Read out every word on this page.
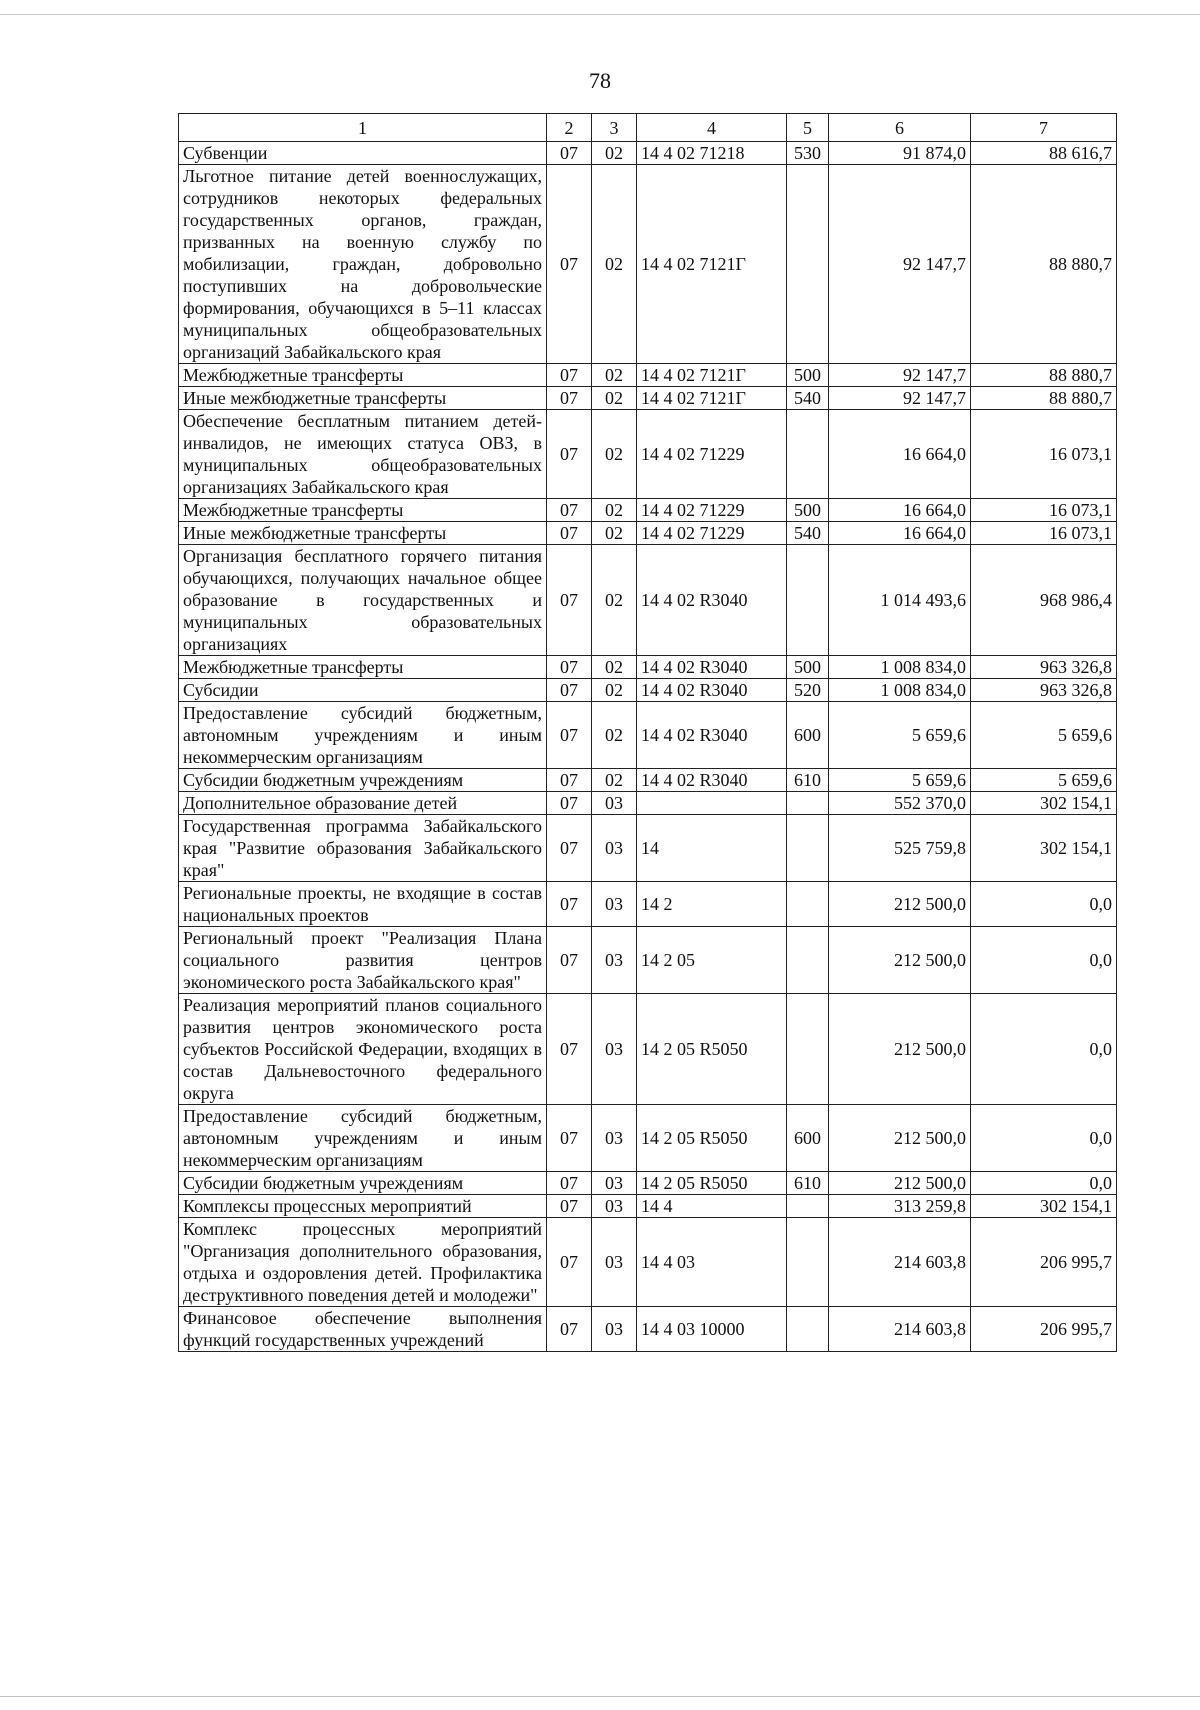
78
1	2	3	4	5	6	7
Субвенции	07	02	14 4 02 71218	530	91 874,0	88 616,7
Льготное питание детей военнослужащих, сотрудников некоторых федеральных государственных органов, граждан, призванных на военную службу по мобилизации, граждан, добровольно поступивших на добровольческие формирования, обучающихся в 5–11 классах муниципальных общеобразовательных организаций Забайкальского края	07	02	14 4 02 7121Г		92 147,7	88 880,7
Межбюджетные трансферты	07	02	14 4 02 7121Г	500	92 147,7	88 880,7
Иные межбюджетные трансферты	07	02	14 4 02 7121Г	540	92 147,7	88 880,7
Обеспечение бесплатным питанием детей-инвалидов, не имеющих статуса ОВЗ, в муниципальных общеобразовательных организациях Забайкальского края	07	02	14 4 02 71229		16 664,0	16 073,1
Межбюджетные трансферты	07	02	14 4 02 71229	500	16 664,0	16 073,1
Иные межбюджетные трансферты	07	02	14 4 02 71229	540	16 664,0	16 073,1
Организация бесплатного горячего питания обучающихся, получающих начальное общее образование в государственных и муниципальных образовательных организациях	07	02	14 4 02 R3040		1 014 493,6	968 986,4
Межбюджетные трансферты	07	02	14 4 02 R3040	500	1 008 834,0	963 326,8
Субсидии	07	02	14 4 02 R3040	520	1 008 834,0	963 326,8
Предоставление субсидий бюджетным, автономным учреждениям и иным некоммерческим организациям	07	02	14 4 02 R3040	600	5 659,6	5 659,6
Субсидии бюджетным учреждениям	07	02	14 4 02 R3040	610	5 659,6	5 659,6
Дополнительное образование детей	07	03			552 370,0	302 154,1
Государственная программа Забайкальского края "Развитие образования Забайкальского края"	07	03	14		525 759,8	302 154,1
Региональные проекты, не входящие в состав национальных проектов	07	03	14 2		212 500,0	0,0
Региональный проект "Реализация Плана социального развития центров экономического роста Забайкальского края"	07	03	14 2 05		212 500,0	0,0
Реализация мероприятий планов социального развития центров экономического роста субъектов Российской Федерации, входящих в состав Дальневосточного федерального округа	07	03	14 2 05 R5050		212 500,0	0,0
Предоставление субсидий бюджетным, автономным учреждениям и иным некоммерческим организациям	07	03	14 2 05 R5050	600	212 500,0	0,0
Субсидии бюджетным учреждениям	07	03	14 2 05 R5050	610	212 500,0	0,0
Комплексы процессных мероприятий	07	03	14 4		313 259,8	302 154,1
Комплекс процессных мероприятий "Организация дополнительного образования, отдыха и оздоровления детей. Профилактика деструктивного поведения детей и молодежи"	07	03	14 4 03		214 603,8	206 995,7
Финансовое обеспечение выполнения функций государственных учреждений	07	03	14 4 03 10000		214 603,8	206 995,7
